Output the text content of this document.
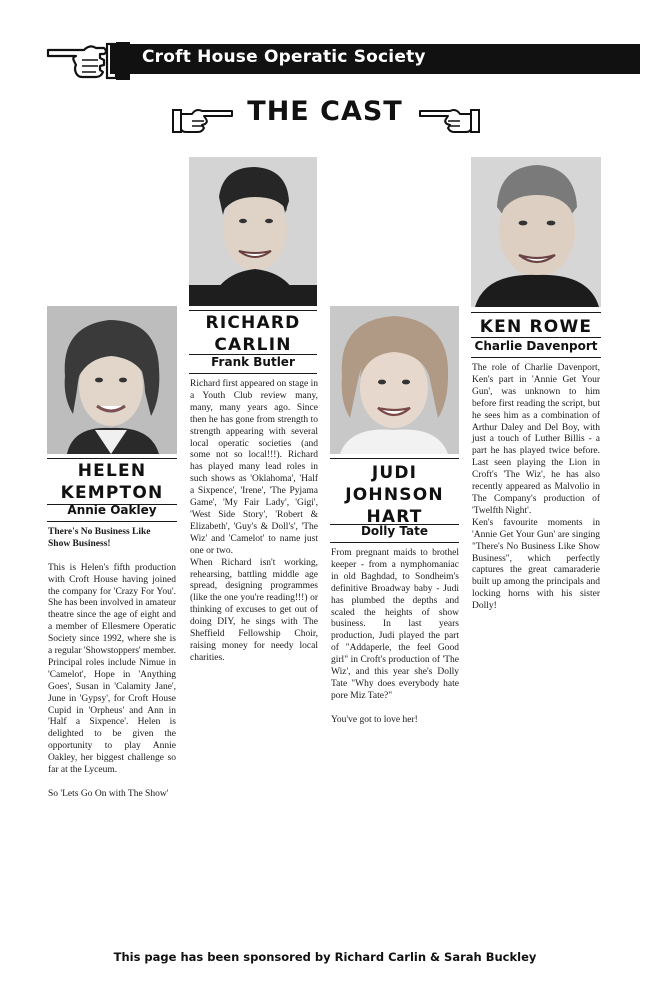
Croft House Operatic Society
THE CAST
HELEN
KEMPTON
Annie Oakley

There's No Business Like
Show Business!

This is Helen's fifth production with Croft House having joined the company for 'Crazy For You'. She has been involved in amateur theatre since the age of eight and a member of Ellesmere Operatic Society since 1992, where she is a regular 'Showstoppers' member.

Principal roles include Nimue in 'Camelot', Hope in 'Anything Goes', Susan in 'Calamity Jane', June in 'Gypsy', for Croft House Cupid in 'Orpheus' and Ann in 'Half a Sixpence'. Helen is delighted to be given the opportunity to play Annie Oakley, her biggest challenge so far at the Lyceum.

So 'Lets Go On with The Show'

RICHARD
CARLIN
Frank Butler

Richard first appeared on stage in a Youth Club review many, many, many years ago. Since then he has gone from strength to strength appearing with several local operatic societies (and some not so local!!!). Richard has played many lead roles in such shows as 'Oklahoma', 'Half a Sixpence', 'Irene', 'The Pyjama Game', 'My Fair Lady', 'Gigi', 'West Side Story', 'Robert & Elizabeth', 'Guy's & Doll's', 'The Wiz' and 'Camelot' to name just one or two.

When Richard isn't working, rehearsing, battling middle age spread, designing programmes (like the one you're reading!!!) or thinking of excuses to get out of doing DIY, he sings with The Sheffield Fellowship Choir, raising money for needy local charities.

JUDI
JOHNSON
HART
Dolly Tate

From pregnant maids to brothel keeper - from a nymphomaniac in old Baghdad, to Sondheim's definitive Broadway baby - Judi has plumbed the depths and scaled the heights of show business. In last years production, Judi played the part of "Addaperle, the feel Good girl" in Croft's production of 'The Wiz', and this year she's Dolly Tate "Why does everybody hate pore Miz Tate?"

You've got to love her!

KEN ROWE
Charlie Davenport

The role of Charlie Davenport, Ken's part in 'Annie Get Your Gun', was unknown to him before first reading the script, but he sees him as a combination of Arthur Daley and Del Boy, with just a touch of Luther Billis - a part he has played twice before. Last seen playing the Lion in Croft's 'The Wiz', he has also recently appeared as Malvolio in The Company's production of 'Twelfth Night'.

Ken's favourite moments in 'Annie Get Your Gun' are singing "There's No Business Like Show Business", which perfectly captures the great camaraderie built up among the principals and locking horns with his sister Dolly!

This page has been sponsored by Richard Carlin & Sarah Buckley
